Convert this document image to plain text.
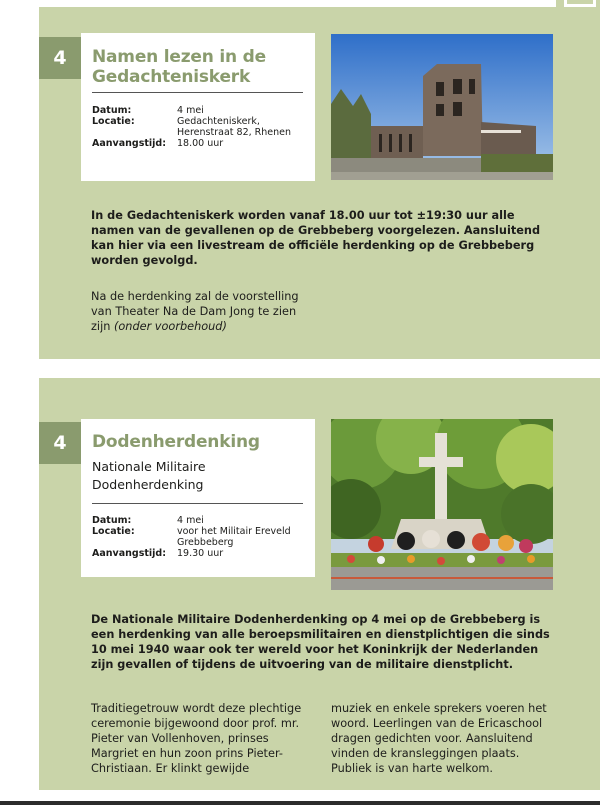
4	Namen lezen in de Gedachteniskerk
Datum:	4 mei
Locatie:	Gedachteniskerk, Herenstraat 82, Rhenen
Aanvangstijd:	18.00 uur
In de Gedachteniskerk worden vanaf 18.00 uur tot ±19:30 uur alle namen van de gevallenen op de Grebbeberg voorgelezen. Aansluitend kan hier via een livestream de officiële herdenking op de Grebbeberg worden gevolgd.
Na de herdenking zal de voorstelling van Theater Na de Dam Jong te zien zijn (onder voorbehoud)
4	Dodenherdenking
Nationale Militaire Dodenherdenking
Datum:	4 mei
Locatie:	voor het Militair Ereveld Grebbeberg
Aanvangstijd:	19.30 uur
De Nationale Militaire Dodenherdenking op 4 mei op de Grebbeberg is een herdenking van alle beroepsmilitairen en dienstplichtigen die sinds 10 mei 1940 waar ook ter wereld voor het Koninkrijk der Nederlanden zijn gevallen of tijdens de uitvoering van de militaire dienstplicht.
Traditiegetrouw wordt deze plechtige ceremonie bijgewoond door prof. mr. Pieter van Vollenhoven, prinses Margriet en hun zoon prins Pieter-Christiaan. Er klinkt gewijde
muziek en enkele sprekers voeren het woord. Leerlingen van de Ericaschool dragen gedichten voor. Aansluitend vinden de kransleggingen plaats. Publiek is van harte welkom.
